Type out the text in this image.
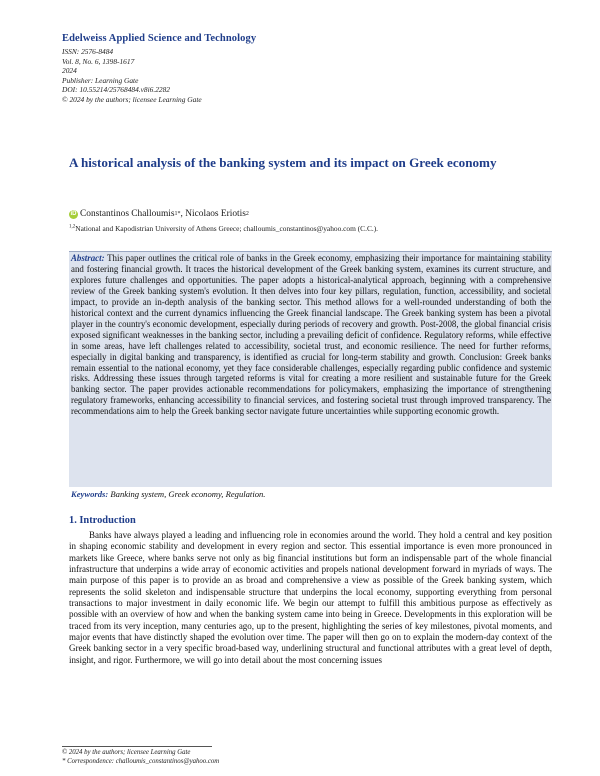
Edelweiss Applied Science and Technology
ISSN: 2576-8484
Vol. 8, No. 6, 1398-1617
2024
Publisher: Learning Gate
DOI: 10.55214/25768484.v8i6.2282
© 2024 by the authors; licensee Learning Gate
A historical analysis of the banking system and its impact on Greek economy
iD Constantinos Challoumis 1* , Nicolaos Eriotis 2
$^{1,2}$National and Kapodistrian University of Athens Greece; challoumis_constantinos@yahoo.com (C.C.).
Abstract: This paper outlines the critical role of banks in the Greek economy, emphasizing their importance for maintaining stability and fostering financial growth. It traces the historical development of the Greek banking system, examines its current structure, and explores future challenges and opportunities. The paper adopts a historical-analytical approach, beginning with a comprehensive review of the Greek banking system's evolution. It then delves into four key pillars, regulation, function, accessibility, and societal impact, to provide an in-depth analysis of the banking sector. This method allows for a well-rounded understanding of both the historical context and the current dynamics influencing the Greek financial landscape. The Greek banking system has been a pivotal player in the country's economic development, especially during periods of recovery and growth. Post-2008, the global financial crisis exposed significant weaknesses in the banking sector, including a prevailing deficit of confidence. Regulatory reforms, while effective in some areas, have left challenges related to accessibility, societal trust, and economic resilience. The need for further reforms, especially in digital banking and transparency, is identified as crucial for long-term stability and growth. Conclusion: Greek banks remain essential to the national economy, yet they face considerable challenges, especially regarding public confidence and systemic risks. Addressing these issues through targeted reforms is vital for creating a more resilient and sustainable future for the Greek banking sector. The paper provides actionable recommendations for policymakers, emphasizing the importance of strengthening regulatory frameworks, enhancing accessibility to financial services, and fostering societal trust through improved transparency. The recommendations aim to help the Greek banking sector navigate future uncertainties while supporting economic growth.
Keywords: Banking system, Greek economy, Regulation.
1. Introduction
Banks have always played a leading and influencing role in economies around the world. They hold a central and key position in shaping economic stability and development in every region and sector. This essential importance is even more pronounced in markets like Greece, where banks serve not only as big financial institutions but form an indispensable part of the whole financial infrastructure that underpins a wide array of economic activities and propels national development forward in myriads of ways. The main purpose of this paper is to provide an as broad and comprehensive a view as possible of the Greek banking system, which represents the solid skeleton and indispensable structure that underpins the local economy, supporting everything from personal transactions to major investment in daily economic life. We begin our attempt to fulfill this ambitious purpose as effectively as possible with an overview of how and when the banking system came into being in Greece. Developments in this exploration will be traced from its very inception, many centuries ago, up to the present, highlighting the series of key milestones, pivotal moments, and major events that have distinctly shaped the evolution over time. The paper will then go on to explain the modern-day context of the Greek banking sector in a very specific broad-based way, underlining structural and functional attributes with a great level of depth, insight, and rigor. Furthermore, we will go into detail about the most concerning issues
© 2024 by the authors; licensee Learning Gate
* Correspondence: challoumis_constantinos@yahoo.com
